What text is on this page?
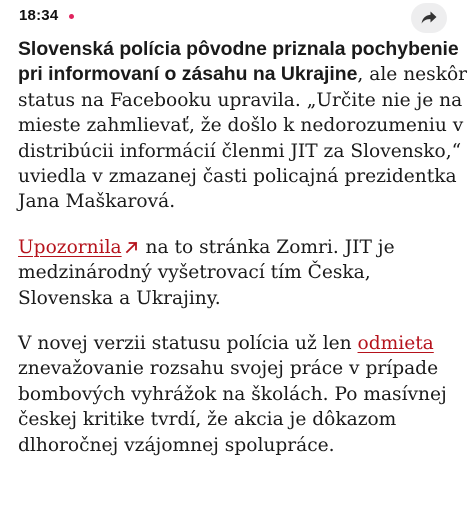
18:34

Slovenská polícia pôvodne priznala pochybenie pri informovaní o zásahu na Ukrajine, ale neskôr status na Facebooku upravila. „Určite nie je na mieste zahmlievať, že došlo k nedorozumeniu v distribúcii informácií členmi JIT za Slovensko,“ uviedla v zmazanej časti policajná prezidentka Jana Maškarová.

Upozornila na to stránka Zomri. JIT je medzinárodný vyšetrovací tím Česka, Slovenska a Ukrajiny.

V novej verzii statusu polícia už len odmieta znevažovanie rozsahu svojej práce v prípade bombových vyhrážok na školách. Po masívnej českej kritike tvrdí, že akcia je dôkazom dlhoročnej vzájomnej spolupráce.
